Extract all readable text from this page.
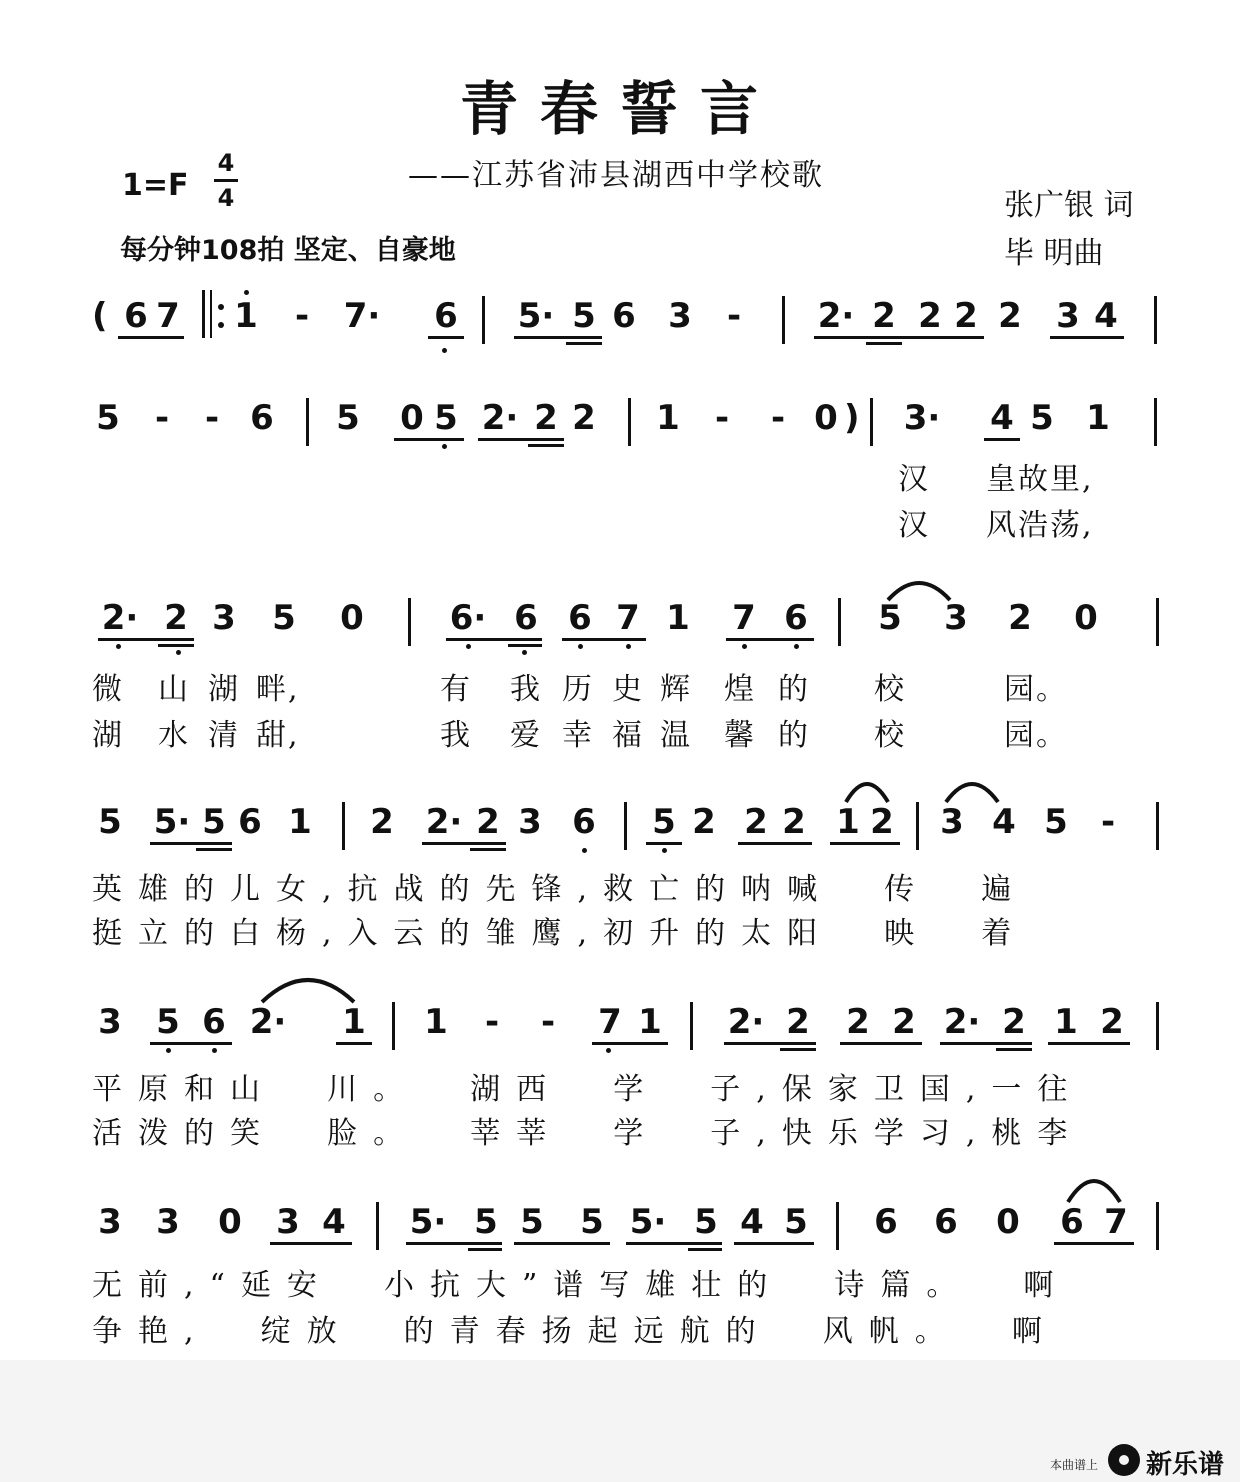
青春誓言
——江苏省沛县湖西中学校歌
1=F
4
4
每分钟108拍 坚定、自豪地
张广银 词
毕 明曲
( 6 7 1	-	7· 6 5· 5 6 3	-	2· 2 2 2 2 3 4
5	-	- 6 5 0 5 2· 2 2 1	-	- 0 ) 3· 4 5 1
汉 皇故里,
汉 风浩荡,
2· 2 3 5 0	6· 6 6 7 1 7 6 5 3 2 0
微 山 湖 畔,	有 我 历 史 辉 煌 的 校	园。
湖 水 清 甜,	我 爱 幸 福 温 馨 的 校	园。
5 5· 5 6 1 2 2· 2 3 6 5 2 2 2 1 2 3 4 5 -
英雄的儿女,抗战的先锋,救亡的呐喊  传  遍
挺立的白杨,入云的雏鹰,初升的太阳  映  着
3 5 6 2· 1 1	-	-	7 1 2· 2 2 2 2· 2 1 2
平原和山  川。  湖西  学  子,保家卫国,一往
活泼的笑  脸。  莘莘  学  子,快乐学习,桃李
3 3 0 3 4 5· 5 5 5 5· 5 4 5 6 6 0 6 7
无前,“延安  小抗大”谱写雄壮的  诗篇。  啊
争艳,  绽放  的青春扬起远航的  风帆。  啊
本曲谱上 新乐谱
